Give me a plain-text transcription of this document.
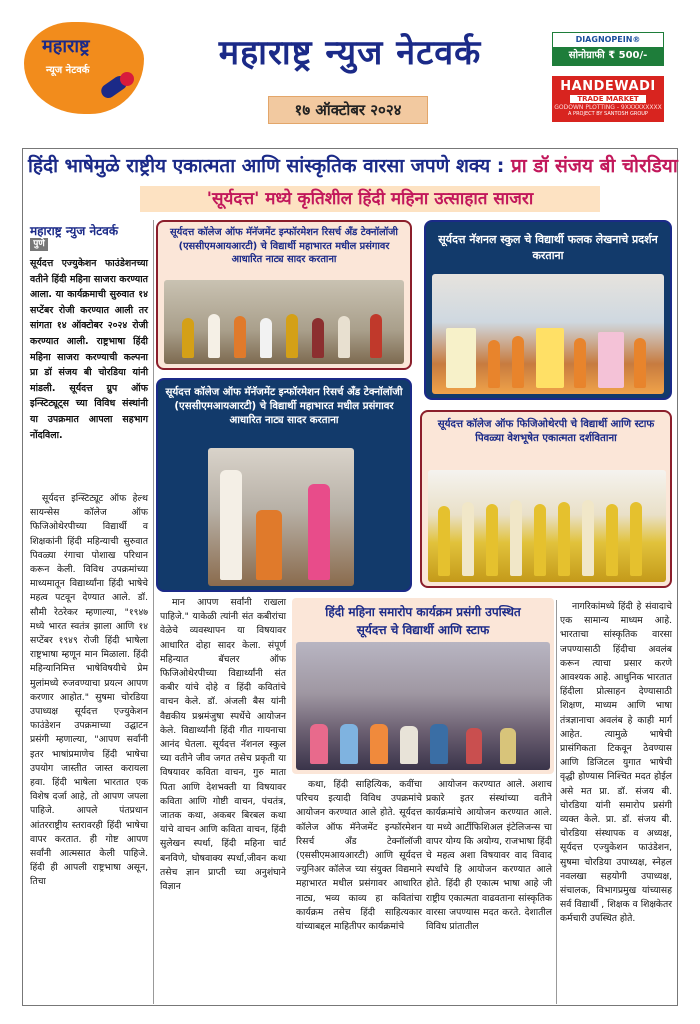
महाराष्ट्र
न्यूज नेटवर्क	महाराष्ट्र न्युज नेटवर्क
१७ ऑक्टोबर २०२४
DIAGNOPEIN®
सोनोग्राफी ₹ 500/-
HANDEWADI
TRADE MARKET
GODOWN PLOTTING - 9XXXXXXXXX
A PROJECT BY SANTOSH GROUP
हिंदी भाषेमुळे राष्ट्रीय एकात्मता आणि सांस्कृतिक वारसा जपणे शक्य : प्रा डॉ संजय बी चोरडिया
'सूर्यदत्त' मध्ये कृतिशील हिंदी महिना उत्साहात साजरा
महाराष्ट्र न्युज नेटवर्क
पुणे
सूर्यदत्त एज्युकेशन फाउंडेशनच्या वतीने हिंदी महिना साजरा करण्यात आला. या कार्यक्रमाची सुरुवात १४ सप्टेंबर रोजी करण्यात आली तर सांगता १४ ऑक्टोबर २०२४ रोजी करण्यात आली. राष्ट्रभाषा हिंदी महिना साजरा करण्याची कल्पना प्रा डॉ संजय बी चोरडिया यांनी मांडली. सूर्यदत्त ग्रुप ऑफ इन्स्टिट्यूट्स च्या विविध संस्थांनी या उपक्रमात आपला सहभाग नोंदविला.
सूर्यदत्त कॉलेज ऑफ मॅनॅजमेंट इन्फॉरमेशन रिसर्च अँड टेक्नॉलॉजी (एससीएमआयआरटी) चे विद्यार्थी महाभारत मधील प्रसंगावर आधारित नाट्य सादर करताना
सूर्यदत्त नॅशनल स्कुल चे विद्यार्थी फलक लेखनाचे प्रदर्शन करताना
सूर्यदत्त कॉलेज ऑफ मॅनॅजमेंट इन्फॉरमेशन रिसर्च अँड टेक्नॉलॉजी (एससीएमआयआरटी) चे विद्यार्थी महाभारत मधील प्रसंगावर आधारित नाट्य सादर करताना	सूर्यदत्त कॉलेज ऑफ फिजिओथेरपी चे विद्यार्थी आणि स्टाफ पिवळ्या वेशभूषेत एकात्मता दर्शविताना
हिंदी महिना समारोप कार्यक्रम प्रसंगी उपस्थित
सूर्यदत्त चे विद्यार्थी आणि स्टाफ

सूर्यदत्त इन्स्टिट्यूट ऑफ हेल्थ सायन्सेस कॉलेज ऑफ फिजिओथेरपीच्या विद्यार्थी व शिक्षकांनी हिंदी महिन्याची सुरुवात पिवळ्या रंगाचा पोशाख परिधान करून केली. विविध उपक्रमांच्या माध्यमातून विद्यार्थ्यांना हिंदी भाषेचे महत्व पटवून देण्यात आले. डॉ. सौमी रेठरेकर म्हणाल्या, "१९४७ मध्ये भारत स्वतंत्र झाला आणि १४ सप्टेंबर १९४९ रोजी हिंदी भाषेला राष्ट्रभाषा म्हणून मान मिळाला. हिंदी महिन्यानिमित्त भाषेविषयीचे प्रेम मुलांमध्ये रुजवण्याचा प्रयत्न आपण करणार आहोत." सुषमा चोरडिया उपाध्यक्ष सूर्यदत्त एज्युकेशन फाउंडेशन उपक्रमाच्या उद्घाटन प्रसंगी म्हणाल्या, "आपण सर्वांनी इतर भाषांप्रमाणेच हिंदी भाषेचा उपयोग जास्तीत जास्त करायला हवा. हिंदी भाषेला भारतात एक विशेष दर्जा आहे, तो आपण जपला पाहिजे. आपले पंतप्रधान आंतरराष्ट्रीय स्तरावरही हिंदी भाषेचा वापर करतात. ही गोष्ट आपण सर्वांनी आत्मसात केली पाहिजे. हिंदी ही आपली राष्ट्रभाषा असून, तिचा

मान आपण सर्वांनी राखला पाहिजे." याकेळी त्यांनी संत कबीरांचा वेळेचे व्यवस्थापन या विषयावर आधारित दोहा सादर केला. संपूर्ण महिन्यात बॅचलर ऑफ फिजिओथेरपीच्या विद्यार्थ्यांनी संत कबीर यांचे दोहे व हिंदी कवितांचे वाचन केले. डॉ. अंजली बैस यांनी वैद्यकीय प्रश्नमंजुषा स्पर्धेचे आयोजन केले. विद्यार्थ्यांनी हिंदी गीत गायनाचा आनंद घेतला. सूर्यदत्त नॅशनल स्कुल च्या वतीने जीव जगत तसेच प्रकृती या विषयावर कविता वाचन, गुरु माता पिता आणि देशभक्ती या विषयावर कविता आणि गोष्टी वाचन, पंचतंत्र, जातक कथा, अकबर बिरबल कथा यांचे वाचन आणि कविता वाचन, हिंदी सुलेखन स्पर्धा, हिंदी महिना चार्ट बनविणे, घोषवाक्य स्पर्धा,जीवन कथा तसेच ज्ञान प्राप्ती च्या अनुशंघाने विज्ञान

कथा, हिंदी साहित्यिक, कवींचा परिचय इत्यादी विविध उपक्रमांचे आयोजन करण्यात आले होते. सूर्यदत्त कॉलेज ऑफ मॅनेजमेंट इन्फॉरमेशन रिसर्च अँड टेक्नॉलॉजी (एससीएमआयआरटी) आणि सूर्यदत्त ज्युनिअर कॉलेज च्या संयुक्त विद्यमाने महाभारत मधील प्रसंगावर आधारित नाट्य, भव्य काव्य हा कवितांचा कार्यक्रम तसेच हिंदी साहित्यकार यांच्याबद्दल माहितीपर कार्यक्रमांचे

आयोजन करण्यात आले. अशाच प्रकारे इतर संस्थांच्या वतीने कार्यक्रमांचे आयोजन करण्यात आले. या मध्ये आर्टीफिशिअल इंटेलिजन्स चा वापर योग्य कि अयोग्य, राजभाषा हिंदी चे महत्व अशा विषयावर वाद विवाद स्पर्धांचे हि आयोजन करण्यात आले होते. हिंदी ही एकात्म भाषा आहे जी राष्ट्रीय एकात्मता वाढवताना सांस्कृतिक वारसा जपण्यास मदत करते. देशातील विविध प्रांतातील

नागरिकांमध्ये हिंदी हे संवादाचे एक सामान्य माध्यम आहे. भारताचा सांस्कृतिक वारसा जपण्यासाठी हिंदीचा अवलंब करून त्याचा प्रसार करणे आवश्यक आहे. आधुनिक भारतात हिंदीला प्रोत्साहन देण्यासाठी शिक्षण, माध्यम आणि भाषा तंत्रज्ञानाचा अवलंब हे काही मार्ग आहेत. त्यामुळे भाषेची प्रासंगिकता टिकवून ठेवण्यास आणि डिजिटल युगात भाषेची वृद्धी होण्यास निश्चित मदत होईल असे मत प्रा. डॉ. संजय बी. चोरडिया यांनी समारोप प्रसंगी व्यक्त केले. प्रा. डॉ. संजय बी. चोरडिया संस्थापक व अध्यक्ष, सूर्यदत्त एज्युकेशन फाउंडेशन, सुषमा चोरडिया उपाध्यक्ष, स्नेहल नवलखा सहयोगी उपाध्यक्ष, संचालक, विभागप्रमुख यांच्यासह सर्व विद्यार्थी , शिक्षक व शिक्षकेतर कर्मचारी उपस्थित होते.
